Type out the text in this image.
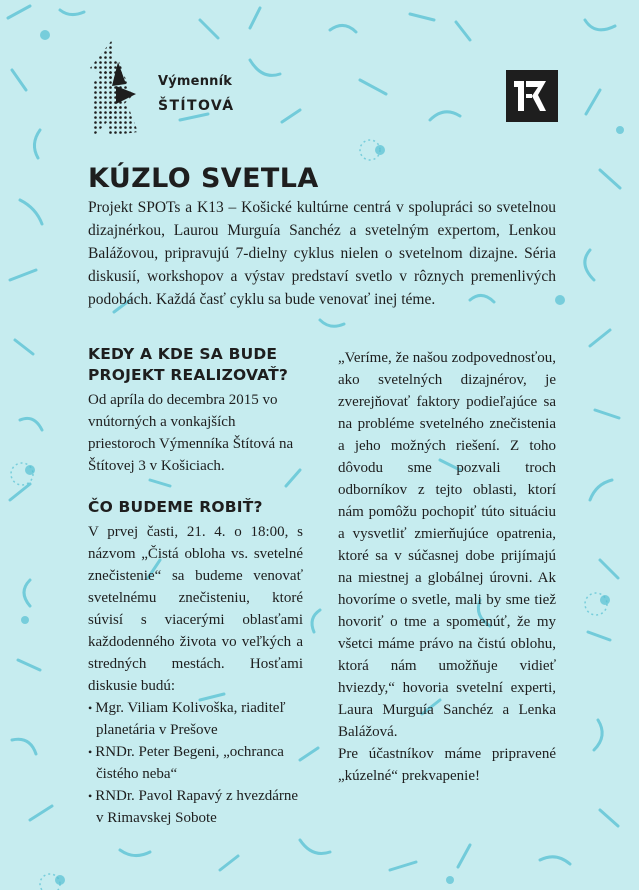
Výmenník
ŠTÍTOVÁ
KÚZLO SVETLA

Projekt SPOTs a K13 – Košické kultúrne centrá v spolupráci so svetelnou dizajnérkou, Laurou Murguía Sanchéz a svetelným expertom, Lenkou Balážovou, pripravujú 7-dielny cyklus nielen o svetelnom dizajne. Séria diskusií, workshopov a výstav predstaví svetlo v rôznych premenlivých podobách. Každá časť cyklu sa bude venovať inej téme.

KEDY A KDE SA BUDE PROJEKT REALIZOVAŤ?

Od apríla do decembra 2015 vo vnútorných a vonkajších priestoroch Výmenníka Štítová na Štítovej 3 v Košiciach.

ČO BUDEME ROBIŤ?

V prvej časti, 21. 4. o 18:00, s názvom „Čistá obloha vs. svetelné znečistenie“ sa budeme venovať svetelnému znečisteniu, ktoré súvisí s viacerými oblasťami každodenného života vo veľkých a stredných mestách. Hosťami diskusie budú:

• Mgr. Viliam Kolivoška, riaditeľ planetária v Prešove
• RNDr. Peter Begeni, „ochranca čistého neba“
• RNDr. Pavol Rapavý z hvezdárne v Rimavskej Sobote

„Veríme, že našou zodpovednosťou, ako svetelných dizajnérov, je zverejňovať faktory podieľajúce sa na probléme svetelného znečistenia a jeho možných riešení. Z toho dôvodu sme pozvali troch odborníkov z tejto oblasti, ktorí nám pomôžu pochopiť túto situáciu a vysvetliť zmierňujúce opatrenia, ktoré sa v súčasnej dobe prijímajú na miestnej a globálnej úrovni. Ak hovoríme o svetle, mali by sme tiež hovoriť o tme a spomenúť, že my všetci máme právo na čistú oblohu, ktorá nám umožňuje vidieť hviezdy,“ hovoria svetelní experti, Laura Murguía Sanchéz a Lenka Balážová.

Pre účastníkov máme pripravené „kúzelné“ prekvapenie!
